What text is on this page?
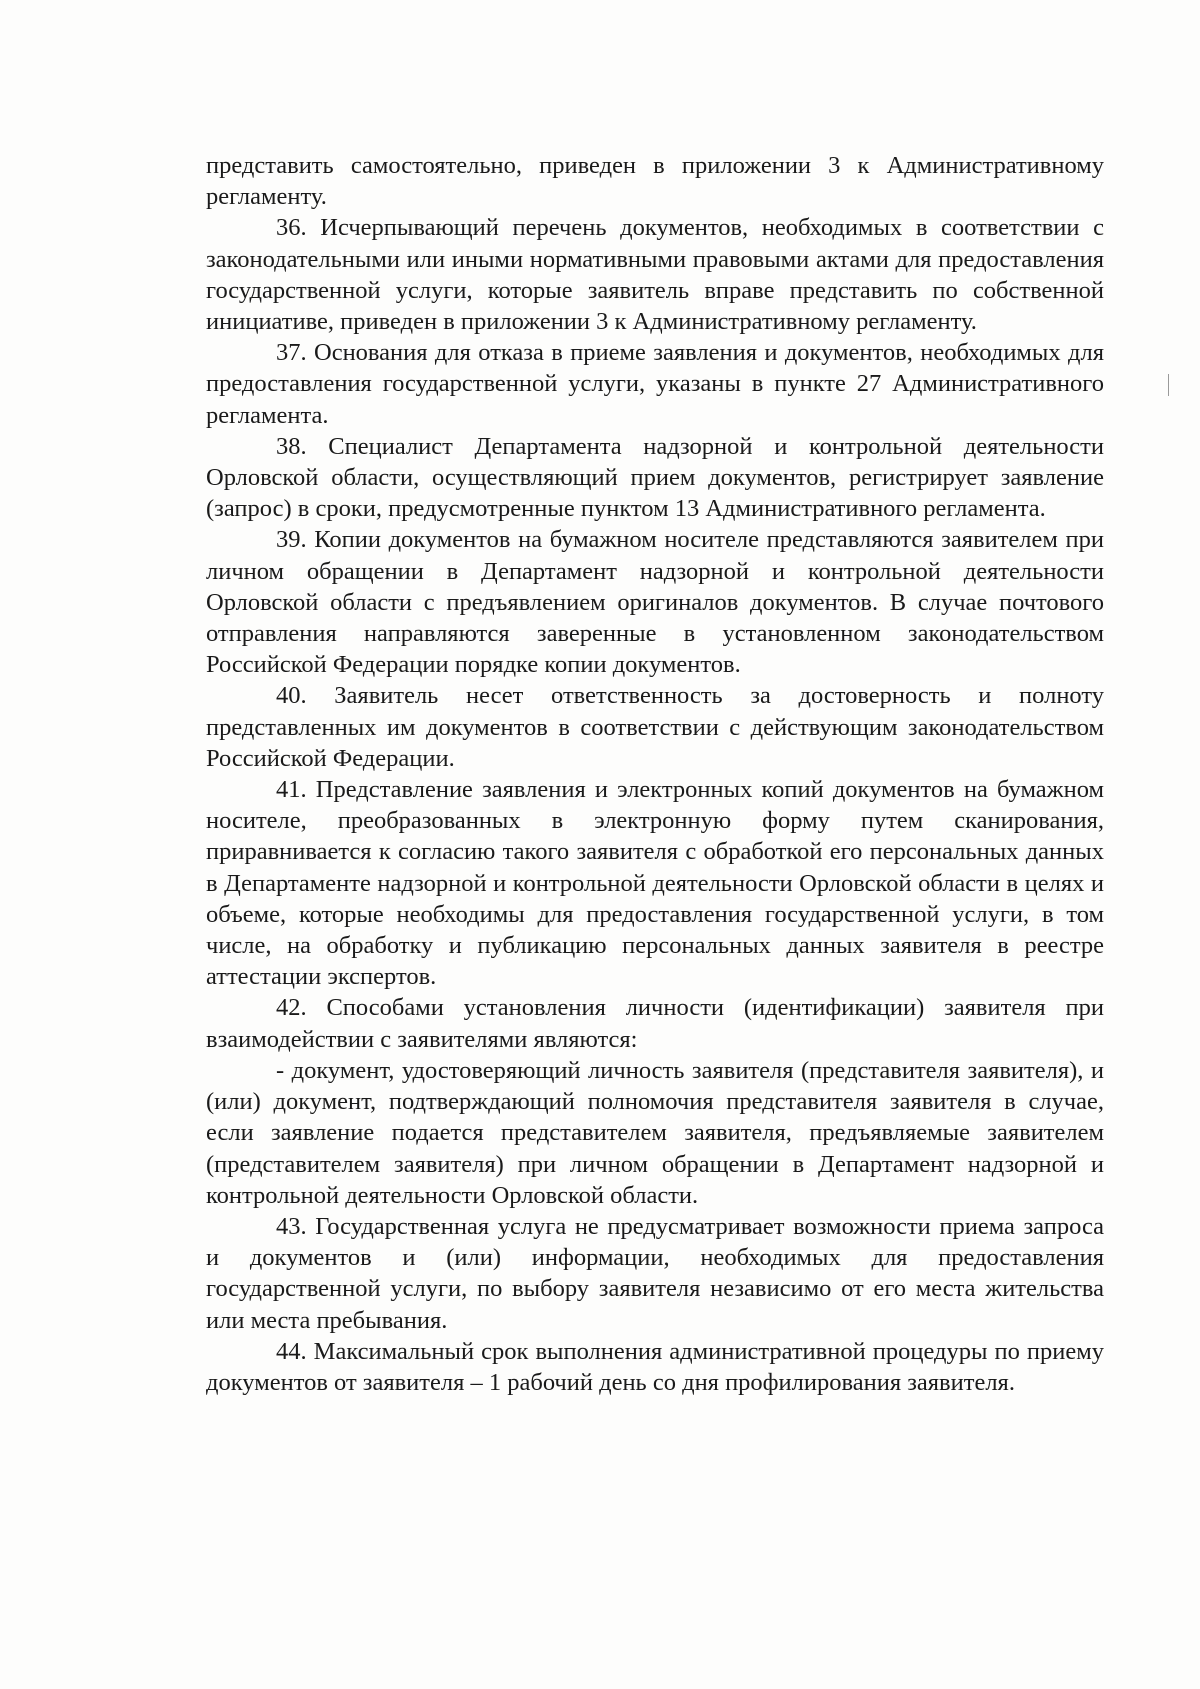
представить самостоятельно, приведен в приложении 3 к Административному регламенту.

36. Исчерпывающий перечень документов, необходимых в соответствии с законодательными или иными нормативными правовыми актами для предоставления государственной услуги, которые заявитель вправе представить по собственной инициативе, приведен в приложении 3 к Административному регламенту.

37. Основания для отказа в приеме заявления и документов, необходимых для предоставления государственной услуги, указаны в пункте 27 Административного регламента.

38. Специалист Департамента надзорной и контрольной деятельности Орловской области, осуществляющий прием документов, регистрирует заявление (запрос) в сроки, предусмотренные пунктом 13 Административного регламента.

39. Копии документов на бумажном носителе представляются заявителем при личном обращении в Департамент надзорной и контрольной деятельности Орловской области с предъявлением оригиналов документов. В случае почтового отправления направляются заверенные в установленном законодательством Российской Федерации порядке копии документов.

40. Заявитель несет ответственность за достоверность и полноту представленных им документов в соответствии с действующим законодательством Российской Федерации.

41. Представление заявления и электронных копий документов на бумажном носителе, преобразованных в электронную форму путем сканирования, приравнивается к согласию такого заявителя с обработкой его персональных данных в Департаменте надзорной и контрольной деятельности Орловской области в целях и объеме, которые необходимы для предоставления государственной услуги, в том числе, на обработку и публикацию персональных данных заявителя в реестре аттестации экспертов.

42. Способами установления личности (идентификации) заявителя при взаимодействии с заявителями являются:

- документ, удостоверяющий личность заявителя (представителя заявителя), и (или) документ, подтверждающий полномочия представителя заявителя в случае, если заявление подается представителем заявителя, предъявляемые заявителем (представителем заявителя) при личном обращении в Департамент надзорной и контрольной деятельности Орловской области.

43. Государственная услуга не предусматривает возможности приема запроса и документов и (или) информации, необходимых для предоставления государственной услуги, по выбору заявителя независимо от его места жительства или места пребывания.

44. Максимальный срок выполнения административной процедуры по приему документов от заявителя – 1 рабочий день со дня профилирования заявителя.
